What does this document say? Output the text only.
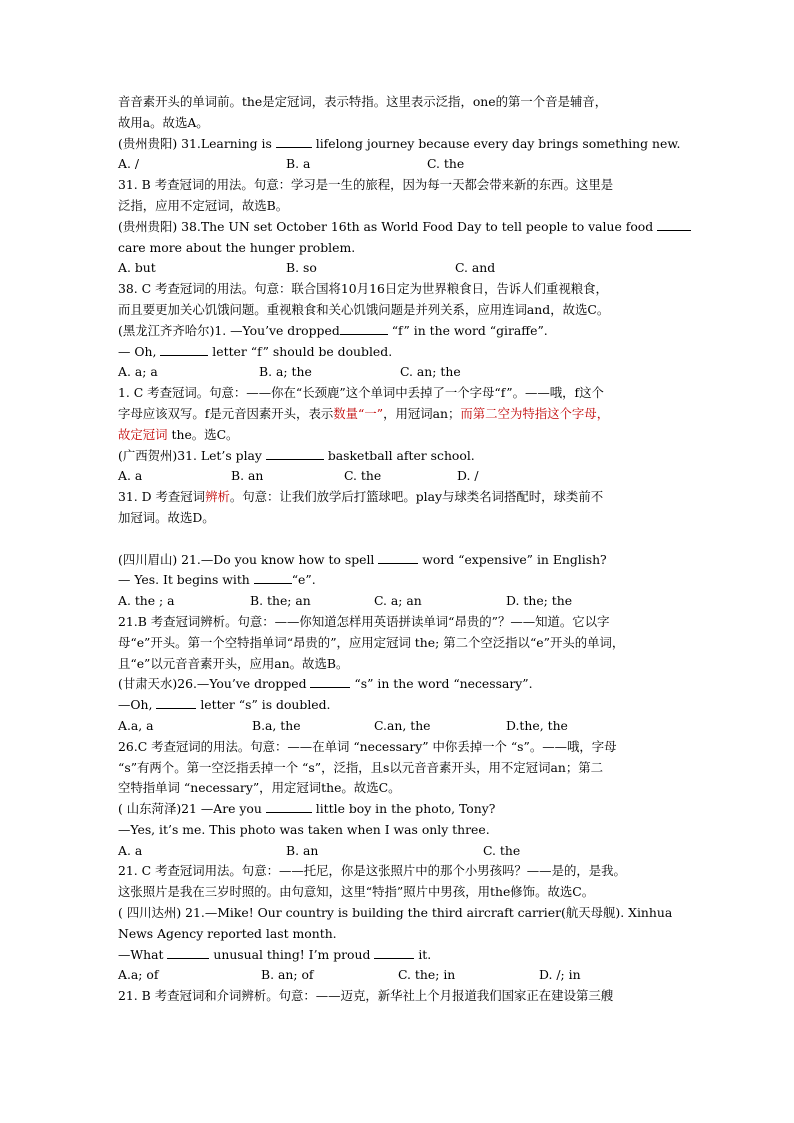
音音素开头的单词前。the是定冠词，表示特指。这里表示泛指，one的第一个音是辅音，
故用a。故选A。
(贵州贵阳) 31.Learning is	lifelong journey because every day brings something new.
A. /	B. a	C. the
31. B 考查冠词的用法。句意：学习是一生的旅程，因为每一天都会带来新的东西。这里是
泛指，应用不定冠词，故选B。
(贵州贵阳) 38.The UN set October 16th as World Food Day to tell people to value food
care more about the hunger problem.
A. but	B. so	C. and
38. C 考查冠词的用法。句意：联合国将10月16日定为世界粮食日，告诉人们重视粮食，
而且要更加关心饥饿问题。重视粮食和关心饥饿问题是并列关系，应用连词and，故选C。
(黑龙江齐齐哈尔)1. —You’ve dropped	“f” in the word “giraffe”.
— Oh,	letter “f” should be doubled.
A. a; a	B. a; the	C. an; the
1. C 考查冠词。句意：——你在“长颈鹿”这个单词中丢掉了一个字母“f”。——哦，f这个
字母应该双写。f是元音因素开头，表示数量“一”，用冠词an；而第二空为特指这个字母，
故定冠词 the。选C。
(广西贺州)31. Let’s play	basketball after school.
A. a	B. an	C. the	D. /
31. D 考查冠词辨析。句意：让我们放学后打篮球吧。play与球类名词搭配时，球类前不
加冠词。故选D。
(四川眉山) 21.—Do you know how to spell	word “expensive” in English?
— Yes. It begins with	“e”.
A. the ; a	B. the; an	C. a; an	D. the; the
21.B 考查冠词辨析。句意：——你知道怎样用英语拼读单词“昂贵的”？——知道。它以字
母“e”开头。第一个空特指单词“昂贵的”，应用定冠词 the; 第二个空泛指以“e”开头的单词，
且“e”以元音音素开头，应用an。故选B。
(甘肃天水)26.—You’ve dropped	“s” in the word “necessary”.
—Oh,	letter “s” is doubled.
A.a, a	B.a, the	C.an, the	D.the, the
26.C 考查冠词的用法。句意：——在单词 “necessary” 中你丢掉一个 “s”。——哦，字母
“s”有两个。第一空泛指丢掉一个 “s”，泛指，且s以元音音素开头，用不定冠词an；第二
空特指单词 “necessary”，用定冠词the。故选C。
( 山东菏泽)21 —Are you	little boy in the photo, Tony?
—Yes, it’s me. This photo was taken when I was only three.
A. a	B. an	C. the
21. C 考查冠词用法。句意：——托尼，你是这张照片中的那个小男孩吗？——是的，是我。
这张照片是我在三岁时照的。由句意知，这里“特指”照片中男孩，用the修饰。故选C。
( 四川达州) 21.—Mike! Our country is building the third aircraft carrier(航天母舰). Xinhua
News Agency reported last month.
—What	unusual thing! I’m proud	it.
A.a; of	B. an; of	C. the; in	D. /; in
21. B 考查冠词和介词辨析。句意：——迈克，新华社上个月报道我们国家正在建设第三艘
